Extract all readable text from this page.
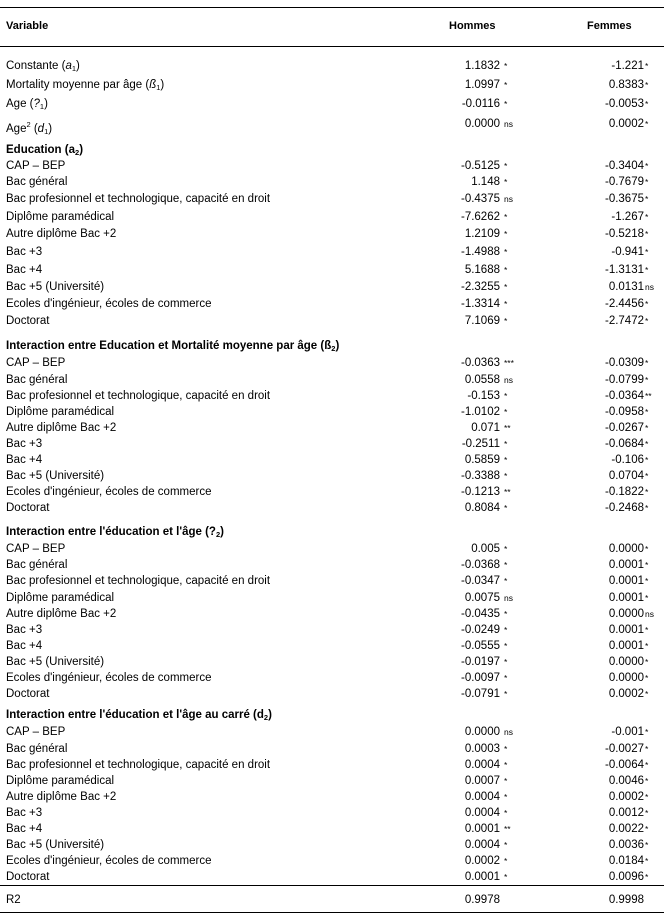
Variable	Hommes	Femmes
Constante $(a_1)$	1.1832 *	-1.221 *
Mortality moyenne par âge $(ß_1)$	1.0997 *	0.8383 *
Age $(?_1)$	-0.0116 *	-0.0053 *
Age$^2$ $(d_1)$	0.0000 ns	0.0002 *
Education $(a_2)$
CAP – BEP	-0.5125 *	-0.3404 *
Bac général	1.148 *	-0.7679 *
Bac profesionnel et technologique, capacité en droit	-0.4375 ns	-0.3675 *
Diplôme paramédical	-7.6262 *	-1.267 *
Autre diplôme Bac +2	1.2109 *	-0.5218 *
Bac +3	-1.4988 *	-0.941 *
Bac +4	5.1688 *	-1.3131 *
Bac +5 (Université)	-2.3255 *	0.0131 ns
Ecoles d'ingénieur, écoles de commerce	-1.3314 *	-2.4456 *
Doctorat	7.1069 *	-2.7472 *
Interaction entre Education et Mortalité moyenne par âge $(ß_2)$
CAP – BEP	-0.0363 ***	-0.0309 *
Bac général	0.0558 ns	-0.0799 *
Bac profesionnel et technologique, capacité en droit	-0.153 *	-0.0364 **
Diplôme paramédical	-1.0102 *	-0.0958 *
Autre diplôme Bac +2	0.071 **	-0.0267 *
Bac +3	-0.2511 *	-0.0684 *
Bac +4	0.5859 *	-0.106 *
Bac +5 (Université)	-0.3388 *	0.0704 *
Ecoles d'ingénieur, écoles de commerce	-0.1213 **	-0.1822 *
Doctorat	0.8084 *	-0.2468 *
Interaction entre l'éducation et l'âge $(?_2)$
CAP – BEP	0.005 *	0.0000 *
Bac général	-0.0368 *	0.0001 *
Bac profesionnel et technologique, capacité en droit	-0.0347 *	0.0001 *
Diplôme paramédical	0.0075 ns	0.0001 *
Autre diplôme Bac +2	-0.0435 *	0.0000 ns
Bac +3	-0.0249 *	0.0001 *
Bac +4	-0.0555 *	0.0001 *
Bac +5 (Université)	-0.0197 *	0.0000 *
Ecoles d'ingénieur, écoles de commerce	-0.0097 *	0.0000 *
Doctorat	-0.0791 *	0.0002 *
Interaction entre l'éducation et l'âge au carré $(d_2)$
CAP – BEP	0.0000 ns	-0.001 *
Bac général	0.0003 *	-0.0027 *
Bac profesionnel et technologique, capacité en droit	0.0004 *	-0.0064 *
Diplôme paramédical	0.0007 *	0.0046 *
Autre diplôme Bac +2	0.0004 *	0.0002 *
Bac +3	0.0004 *	0.0012 *
Bac +4	0.0001 **	0.0022 *
Bac +5 (Université)	0.0004 *	0.0036 *
Ecoles d'ingénieur, écoles de commerce	0.0002 *	0.0184 *
Doctorat	0.0001 *	0.0096 *
R2	0.9978	0.9998
